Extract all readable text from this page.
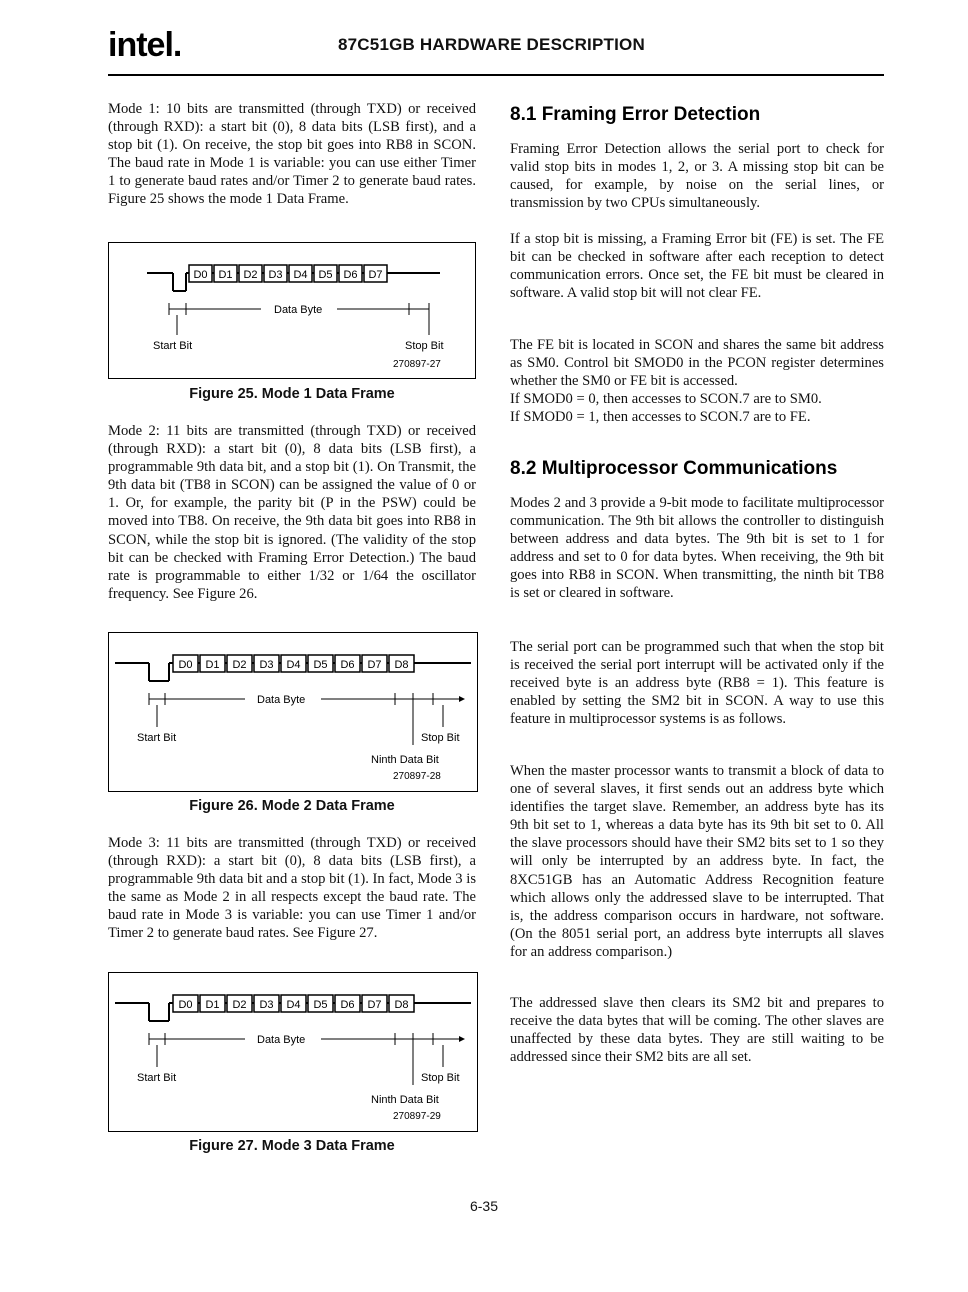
intel.	87C51GB HARDWARE DESCRIPTION

Mode 1: 10 bits are transmitted (through TXD) or received (through RXD): a start bit (0), 8 data bits (LSB first), and a stop bit (1). On receive, the stop bit goes into RB8 in SCON. The baud rate in Mode 1 is variable: you can use either Timer 1 to generate baud rates and/or Timer 2 to generate baud rates. Figure 25 shows the mode 1 Data Frame.

D0 D1 D2 D3 D4 D5 D6 D7
Data Byte
Start Bit	Stop Bit
270897-27
Figure 25. Mode 1 Data Frame

Mode 2: 11 bits are transmitted (through TXD) or received (through RXD): a start bit (0), 8 data bits (LSB first), a programmable 9th data bit, and a stop bit (1). On Transmit, the 9th data bit (TB8 in SCON) can be assigned the value of 0 or 1. Or, for example, the parity bit (P in the PSW) could be moved into TB8. On receive, the 9th data bit goes into RB8 in SCON, while the stop bit is ignored. (The validity of the stop bit can be checked with Framing Error Detection.) The baud rate is programmable to either 1/32 or 1/64 the oscillator frequency. See Figure 26.

D0 D1 D2 D3 D4 D5 D6 D7 D8
Data Byte
Start Bit	Stop Bit
Ninth Data Bit
270897-28
Figure 26. Mode 2 Data Frame

Mode 3: 11 bits are transmitted (through TXD) or received (through RXD): a start bit (0), 8 data bits (LSB first), a programmable 9th data bit and a stop bit (1). In fact, Mode 3 is the same as Mode 2 in all respects except the baud rate. The baud rate in Mode 3 is variable: you can use Timer 1 and/or Timer 2 to generate baud rates. See Figure 27.

D0 D1 D2 D3 D4 D5 D6 D7 D8
Data Byte
Start Bit	Stop Bit
Ninth Data Bit
270897-29
Figure 27. Mode 3 Data Frame
8.1 Framing Error Detection

Framing Error Detection allows the serial port to check for valid stop bits in modes 1, 2, or 3. A missing stop bit can be caused, for example, by noise on the serial lines, or transmission by two CPUs simultaneously.

If a stop bit is missing, a Framing Error bit (FE) is set. The FE bit can be checked in software after each reception to detect communication errors. Once set, the FE bit must be cleared in software. A valid stop bit will not clear FE.

The FE bit is located in SCON and shares the same bit address as SM0. Control bit SMOD0 in the PCON register determines whether the SM0 or FE bit is accessed.

If SMOD0 = 0, then accesses to SCON.7 are to SM0.

If SMOD0 = 1, then accesses to SCON.7 are to FE.

8.2 Multiprocessor Communications

Modes 2 and 3 provide a 9-bit mode to facilitate multiprocessor communication. The 9th bit allows the controller to distinguish between address and data bytes. The 9th bit is set to 1 for address and set to 0 for data bytes. When receiving, the 9th bit goes into RB8 in SCON. When transmitting, the ninth bit TB8 is set or cleared in software.

The serial port can be programmed such that when the stop bit is received the serial port interrupt will be activated only if the received byte is an address byte (RB8 = 1). This feature is enabled by setting the SM2 bit in SCON. A way to use this feature in multiprocessor systems is as follows.

When the master processor wants to transmit a block of data to one of several slaves, it first sends out an address byte which identifies the target slave. Remember, an address byte has its 9th bit set to 1, whereas a data byte has its 9th bit set to 0. All the slave processors should have their SM2 bits set to 1 so they will only be interrupted by an address byte. In fact, the 8XC51GB has an Automatic Address Recognition feature which allows only the addressed slave to be interrupted. That is, the address comparison occurs in hardware, not software. (On the 8051 serial port, an address byte interrupts all slaves for an address comparison.)

The addressed slave then clears its SM2 bit and prepares to receive the data bytes that will be coming. The other slaves are unaffected by these data bytes. They are still waiting to be addressed since their SM2 bits are all set.

6-35
